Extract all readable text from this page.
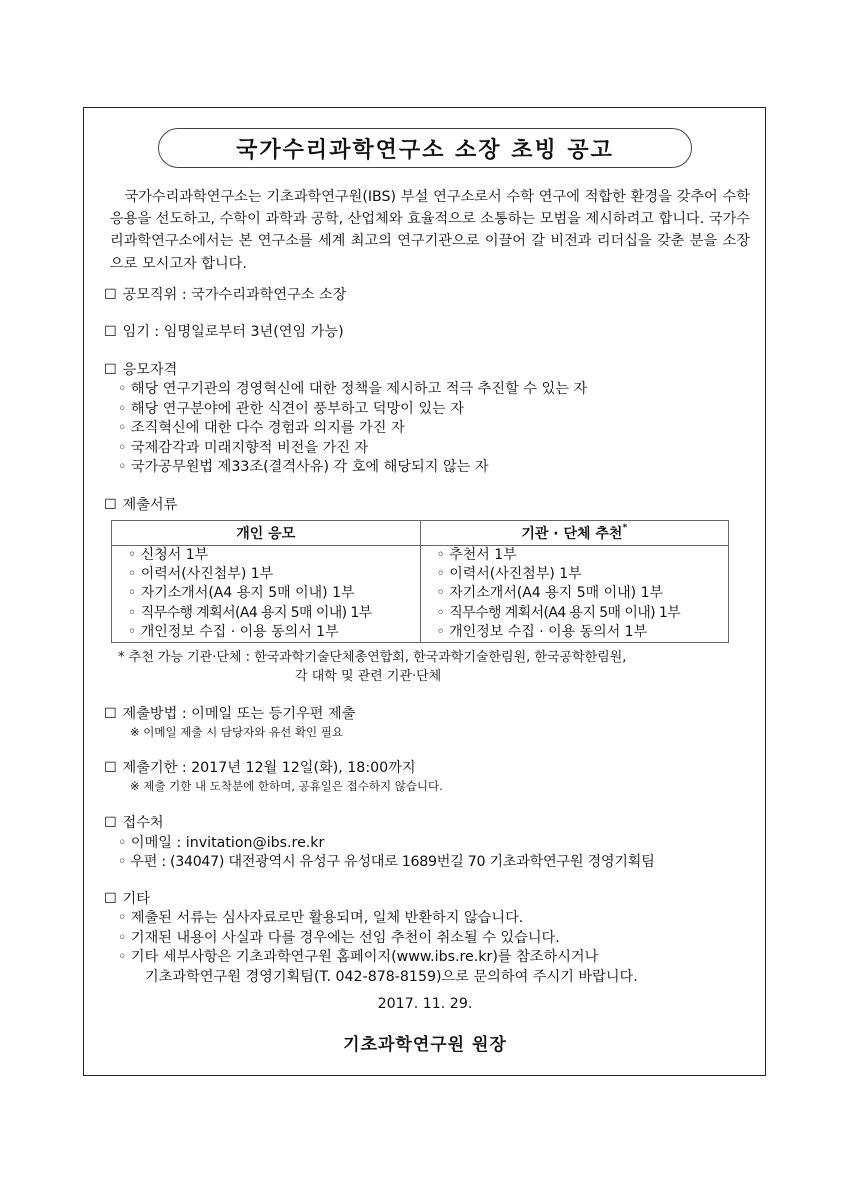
국가수리과학연구소 소장 초빙 공고
국가수리과학연구소는 기초과학연구원(IBS) 부설 연구소로서 수학 연구에 적합한 환경을 갖추어 수학 응용을 선도하고, 수학이 과학과 공학, 산업체와 효율적으로 소통하는 모범을 제시하려고 합니다. 국가수리과학연구소에서는 본 연구소를 세계 최고의 연구기관으로 이끌어 갈 비전과 리더십을 갖춘 분을 소장으로 모시고자 합니다.
☐ 공모직위 : 국가수리과학연구소 소장
☐ 임기 : 임명일로부터 3년(연임 가능)
☐ 응모자격
◦ 해당 연구기관의 경영혁신에 대한 정책을 제시하고 적극 추진할 수 있는 자
◦ 해당 연구분야에 관한 식견이 풍부하고 덕망이 있는 자
◦ 조직혁신에 대한 다수 경험과 의지를 가진 자
◦ 국제감각과 미래지향적 비전을 가진 자
◦ 국가공무원법 제33조(결격사유) 각 호에 해당되지 않는 자
☐ 제출서류
개인 응모	기관 · 단체 추천*
◦ 신청서 1부	◦ 추천서 1부
◦ 이력서(사진첨부) 1부	◦ 이력서(사진첨부) 1부
◦ 자기소개서(A4 용지 5매 이내) 1부	◦ 자기소개서(A4 용지 5매 이내) 1부
◦ 직무수행 계획서(A4 용지 5매 이내) 1부	◦ 직무수행 계획서(A4 용지 5매 이내) 1부
◦ 개인정보 수집 · 이용 동의서 1부	◦ 개인정보 수집 · 이용 동의서 1부
* 추천 가능 기관·단체 : 한국과학기술단체총연합회, 한국과학기술한림원, 한국공학한림원,
각 대학 및 관련 기관·단체
☐ 제출방법 : 이메일 또는 등기우편 제출
※ 이메일 제출 시 담당자와 유선 확인 필요
☐ 제출기한 : 2017년 12월 12일(화), 18:00까지
※ 제출 기한 내 도착분에 한하며, 공휴일은 접수하지 않습니다.
☐ 접수처
◦ 이메일 : invitation@ibs.re.kr
◦ 우편 : (34047) 대전광역시 유성구 유성대로 1689번길 70 기초과학연구원 경영기획팀
☐ 기타
◦ 제출된 서류는 심사자료로만 활용되며, 일체 반환하지 않습니다.
◦ 기재된 내용이 사실과 다를 경우에는 선임 추천이 취소될 수 있습니다.
◦ 기타 세부사항은 기초과학연구원 홈페이지(www.ibs.re.kr)를 참조하시거나
기초과학연구원 경영기획팀(T. 042-878-8159)으로 문의하여 주시기 바랍니다.
2017. 11. 29.
기초과학연구원 원장
